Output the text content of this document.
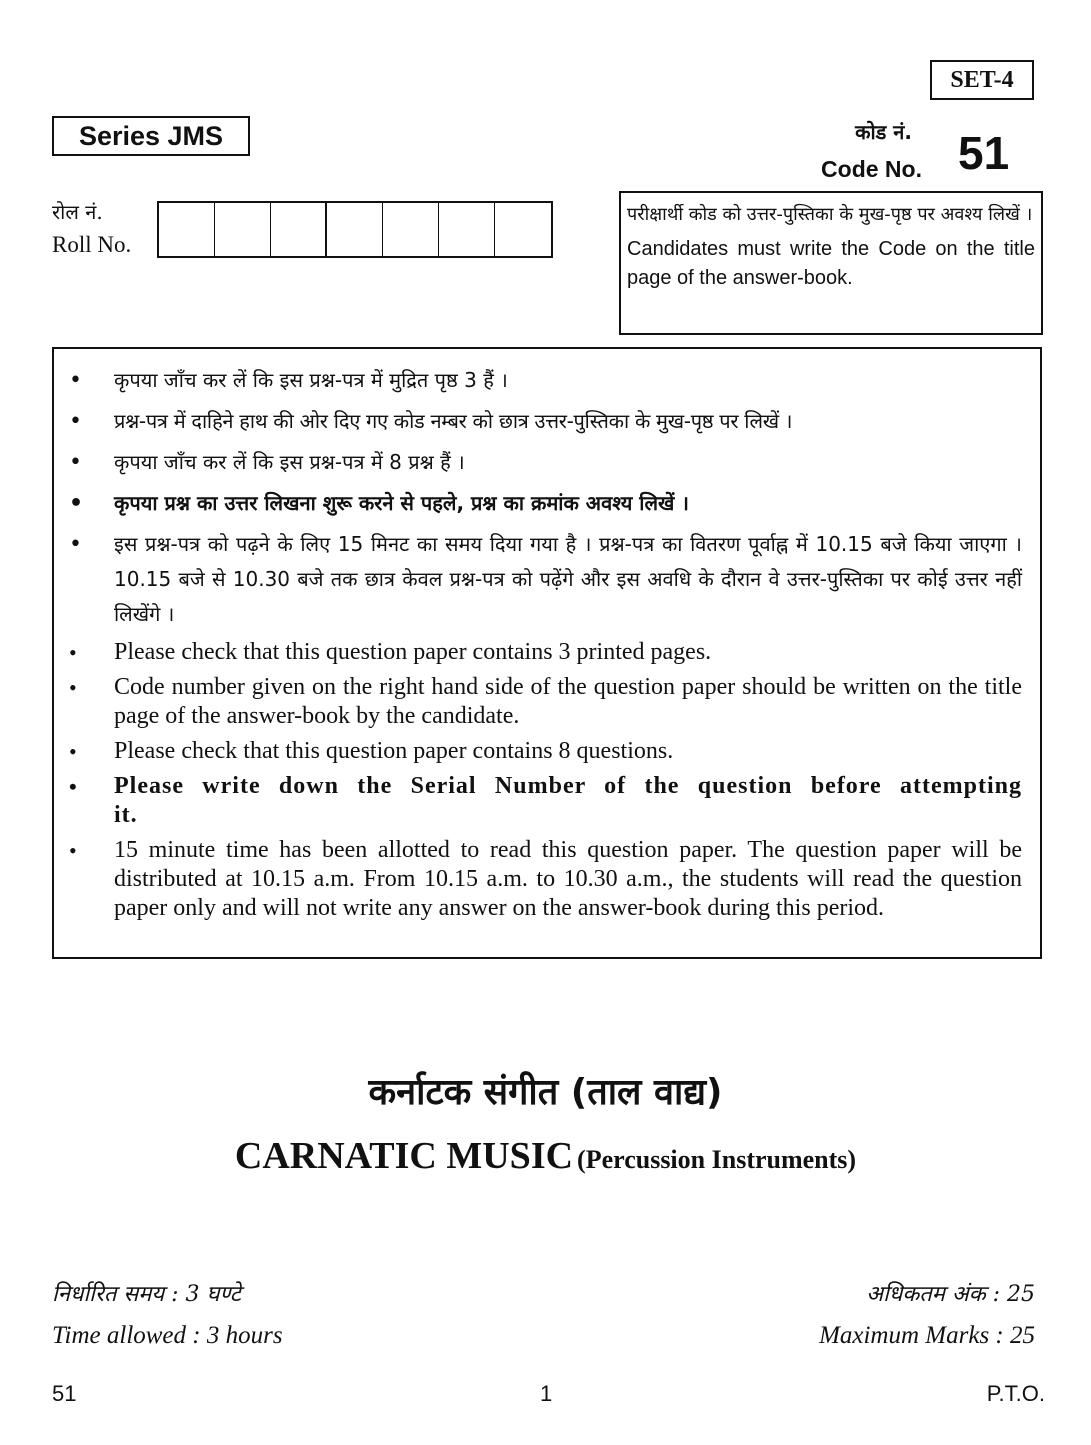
SET-4
Series JMS	कोड नं.
Code No. 51
रोल नं.
Roll No.
परीक्षार्थी कोड को उत्तर-पुस्तिका के मुख-पृष्ठ पर अवश्य लिखें ।
Candidates must write the Code on the title page of the answer-book.
• कृपया जाँच कर लें कि इस प्रश्न-पत्र में मुद्रित पृष्ठ 3 हैं ।
• प्रश्न-पत्र में दाहिने हाथ की ओर दिए गए कोड नम्बर को छात्र उत्तर-पुस्तिका के मुख-पृष्ठ पर लिखें ।
• कृपया जाँच कर लें कि इस प्रश्न-पत्र में 8 प्रश्न हैं ।
• कृपया प्रश्न का उत्तर लिखना शुरू करने से पहले, प्रश्न का क्रमांक अवश्य लिखें ।
• इस प्रश्न-पत्र को पढ़ने के लिए 15 मिनट का समय दिया गया है । प्रश्न-पत्र का वितरण पूर्वाह्न में 10.15 बजे किया जाएगा । 10.15 बजे से 10.30 बजे तक छात्र केवल प्रश्न-पत्र को पढ़ेंगे और इस अवधि के दौरान वे उत्तर-पुस्तिका पर कोई उत्तर नहीं लिखेंगे ।
• Please check that this question paper contains 3 printed pages.
• Code number given on the right hand side of the question paper should be written on the title page of the answer-book by the candidate.
• Please check that this question paper contains 8 questions.
• Please write down the Serial Number of the question before attempting it.
• 15 minute time has been allotted to read this question paper. The question paper will be distributed at 10.15 a.m. From 10.15 a.m. to 10.30 a.m., the students will read the question paper only and will not write any answer on the answer-book during this period.
कर्नाटक संगीत (ताल वाद्य)
CARNATIC MUSIC (Percussion Instruments)
निर्धारित समय : 3 घण्टे
Time allowed : 3 hours
अधिकतम अंक : 25
Maximum Marks : 25
51	1	P.T.O.
